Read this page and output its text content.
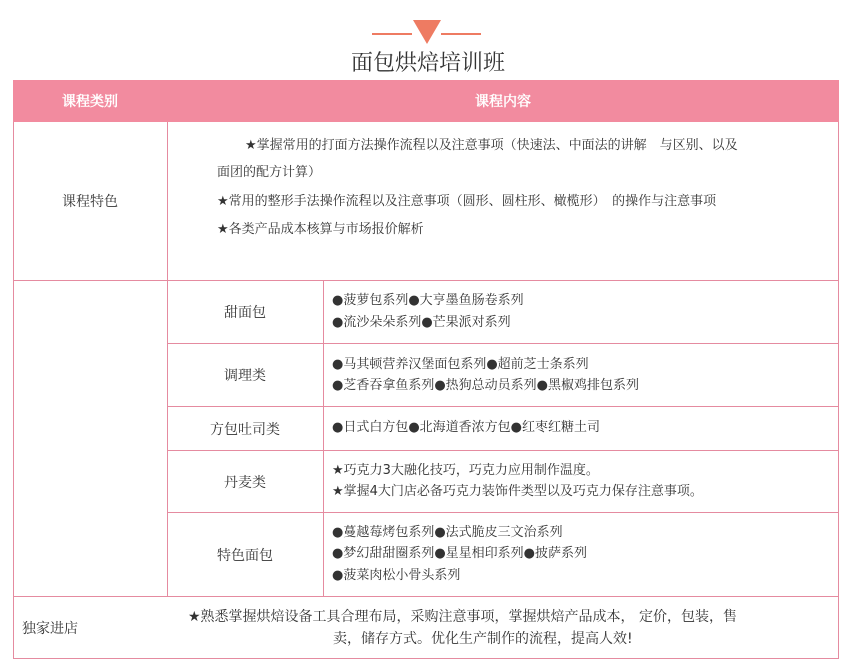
面包烘焙培训班
课程类别	课程内容
课程特色
★掌握常用的打面方法操作流程以及注意事项（快速法、中面法的讲解　与区别、以及
面团的配方计算）
★常用的整形手法操作流程以及注意事项（圆形、圆柱形、橄榄形）　的操作与注意事项
★各类产品成本核算与市场报价解析
甜面包
●菠萝包系列●大亨墨鱼肠卷系列
●流沙朵朵系列●芒果派对系列
调理类
●马其顿营养汉堡面包系列●超前芝士条系列
●芝香吞拿鱼系列●热狗总动员系列●黑椒鸡排包系列
方包吐司类	●日式白方包●北海道香浓方包●红枣红糖土司
丹麦类
★巧克力3大融化技巧，巧克力应用制作温度。
★掌握4大门店必备巧克力装饰件类型以及巧克力保存注意事项。
特色面包
●蔓越莓烤包系列●法式脆皮三文治系列
●梦幻甜甜圈系列●星星相印系列●披萨系列
●菠菜肉松小骨头系列
独家进店
★熟悉掌握烘焙设备工具合理布局，采购注意事项，掌握烘焙产品成本， 定价，包装，售
卖，储存方式。优化生产制作的流程，提高人效!
